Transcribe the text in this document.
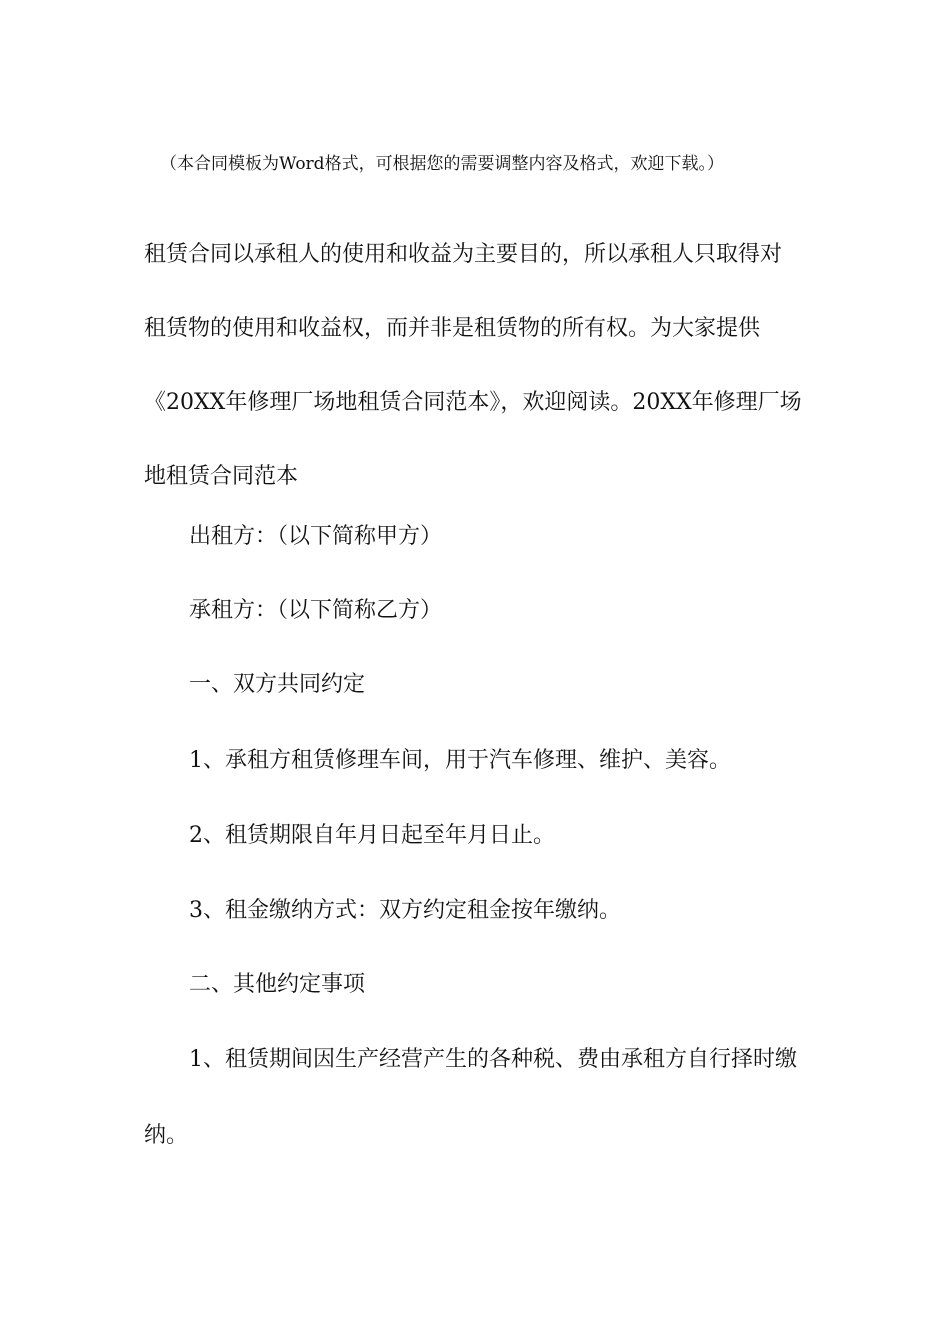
（本合同模板为Word格式，可根据您的需要调整内容及格式，欢迎下载。）

租赁合同以承租人的使用和收益为主要目的，所以承租人只取得对

租赁物的使用和收益权，而并非是租赁物的所有权。为大家提供

《20XX年修理厂场地租赁合同范本》，欢迎阅读。20XX年修理厂场

地租赁合同范本

出租方：（以下简称甲方）

承租方：（以下简称乙方）

一、双方共同约定

1、承租方租赁修理车间，用于汽车修理、维护、美容。

2、租赁期限自年月日起至年月日止。

3、租金缴纳方式：双方约定租金按年缴纳。

二、其他约定事项

1、租赁期间因生产经营产生的各种税、费由承租方自行择时缴

纳。
